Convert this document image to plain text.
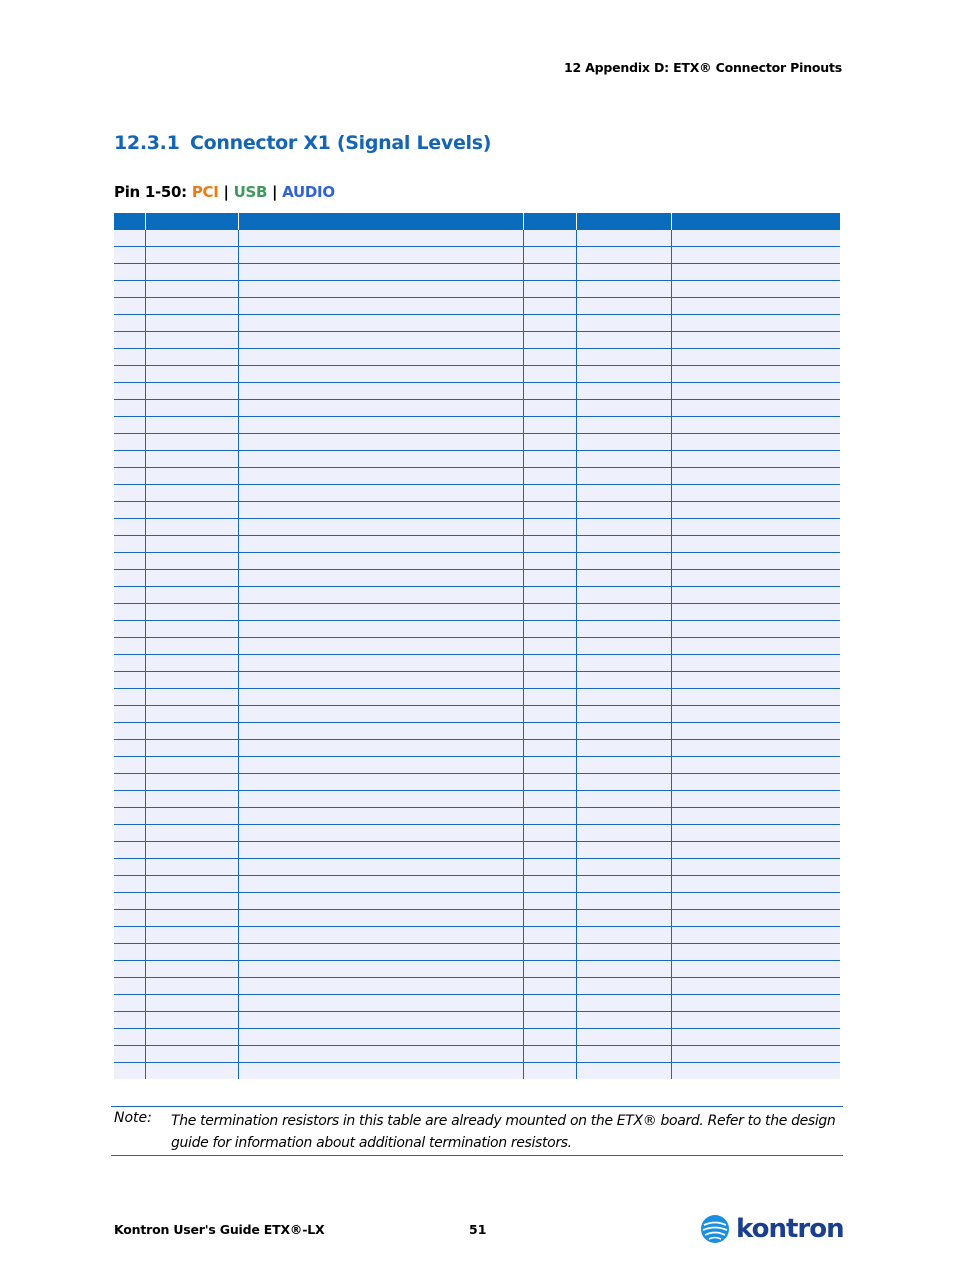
12 Appendix D: ETX® Connector Pinouts
12.3.1 Connector X1 (Signal Levels)
Pin 1-50: PCI | USB | AUDIO

Note: The termination resistors in this table are already mounted on the ETX® board. Refer to the design guide for information about additional termination resistors.
Kontron User's Guide ETX®-LX	51	kontron
